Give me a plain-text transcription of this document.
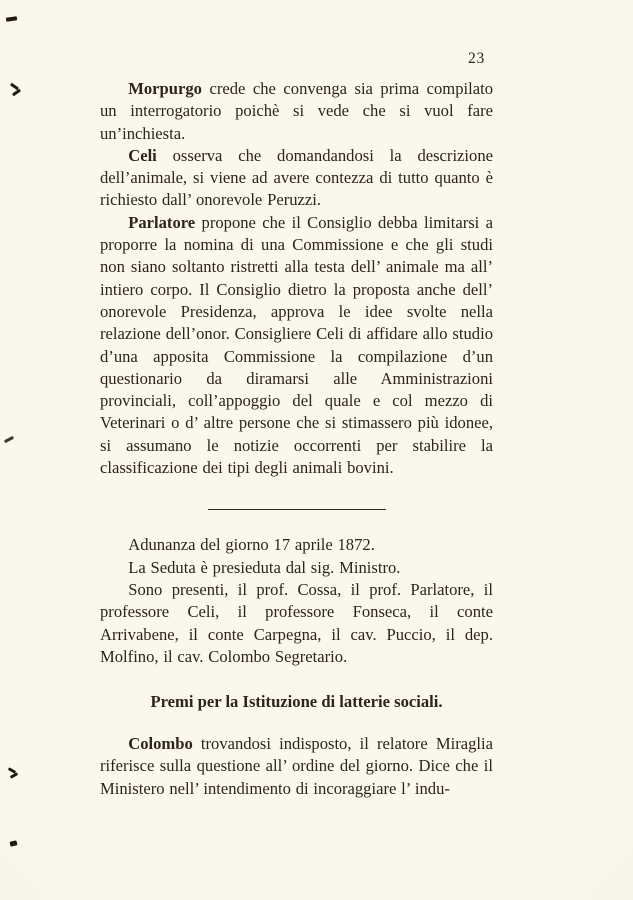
23

Morpurgo crede che convenga sia prima compilato un interrogatorio poichè si vede che si vuol fare un’inchiesta.

Celi osserva che domandandosi la descrizione dell’animale, si viene ad avere contezza di tutto quanto è richiesto dall’ onorevole Peruzzi.

Parlatore propone che il Consiglio debba limitarsi a proporre la nomina di una Commissione e che gli studi non siano soltanto ristretti alla testa dell’ animale ma all’ intiero corpo. Il Consiglio dietro la proposta anche dell’ onorevole Presidenza, approva le idee svolte nella relazione dell’onor. Consigliere Celi di affidare allo studio d’una apposita Commissione la compilazione d’un questionario da diramarsi alle Amministrazioni provinciali, coll’appoggio del quale e col mezzo di Veterinari o d’ altre persone che si stimassero più idonee, si assumano le notizie occorrenti per stabilire la classificazione dei tipi degli animali bovini.

Adunanza del giorno 17 aprile 1872.

La Seduta è presieduta dal sig. Ministro.

Sono presenti, il prof. Cossa, il prof. Parlatore, il professore Celi, il professore Fonseca, il conte Arrivabene, il conte Carpegna, il cav. Puccio, il dep. Molfino, il cav. Colombo Segretario.

Premi per la Istituzione di latterie sociali.

Colombo trovandosi indisposto, il relatore Miraglia riferisce sulla questione all’ ordine del giorno. Dice che il Ministero nell’ intendimento di incoraggiare l’ indu-
